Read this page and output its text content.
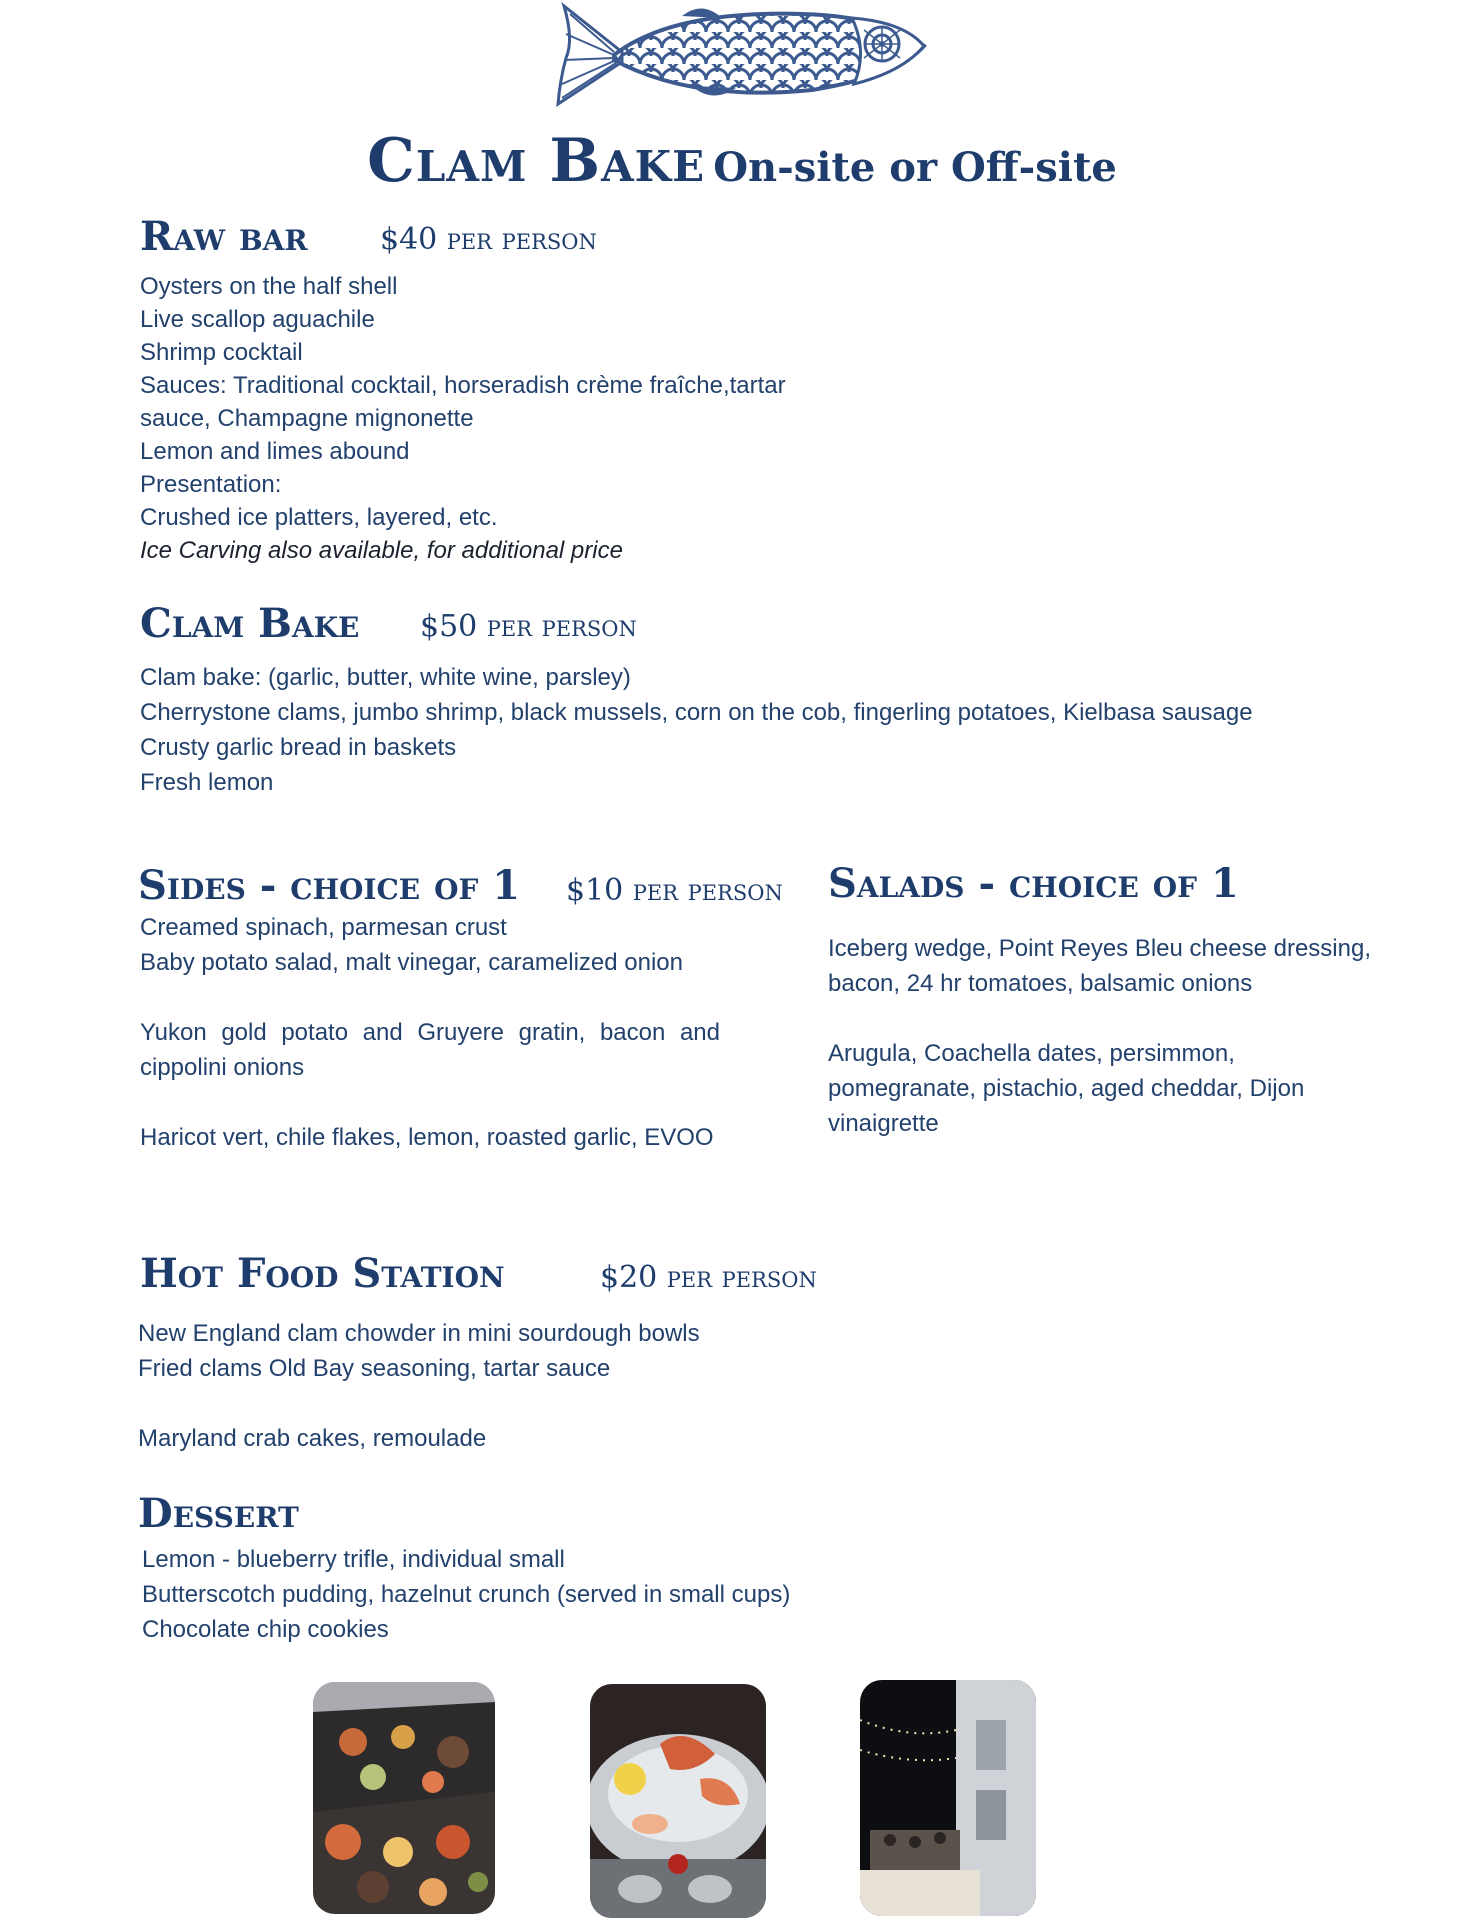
Clam Bake On-site or Off-site
Raw bar $40 per person
Oysters on the half shell
Live scallop aguachile
Shrimp cocktail
Sauces: Traditional cocktail, horseradish crème fraîche,tartar
sauce, Champagne mignonette
Lemon and limes abound
Presentation:
Crushed ice platters, layered, etc.
Ice Carving also available, for additional price
Clam Bake $50 per person
Clam bake: (garlic, butter, white wine, parsley)
Cherrystone clams, jumbo shrimp, black mussels, corn on the cob, fingerling potatoes, Kielbasa sausage
Crusty garlic bread in baskets
Fresh lemon
Sides - choice of 1 $10 per person
Creamed spinach, parmesan crust
Baby potato salad, malt vinegar, caramelized onion
Yukon gold potato and Gruyere gratin, bacon and cippolini onions
Haricot vert, chile flakes, lemon, roasted garlic, EVOO
Salads - choice of 1
Iceberg wedge, Point Reyes Bleu cheese dressing, bacon, 24 hr tomatoes, balsamic onions
Arugula, Coachella dates, persimmon, pomegranate, pistachio, aged cheddar, Dijon vinaigrette
Hot Food Station	$20 per person
New England clam chowder in mini sourdough bowls
Fried clams Old Bay seasoning, tartar sauce
Maryland crab cakes, remoulade
Dessert
Lemon - blueberry trifle, individual small
Butterscotch pudding, hazelnut crunch (served in small cups)
Chocolate chip cookies
